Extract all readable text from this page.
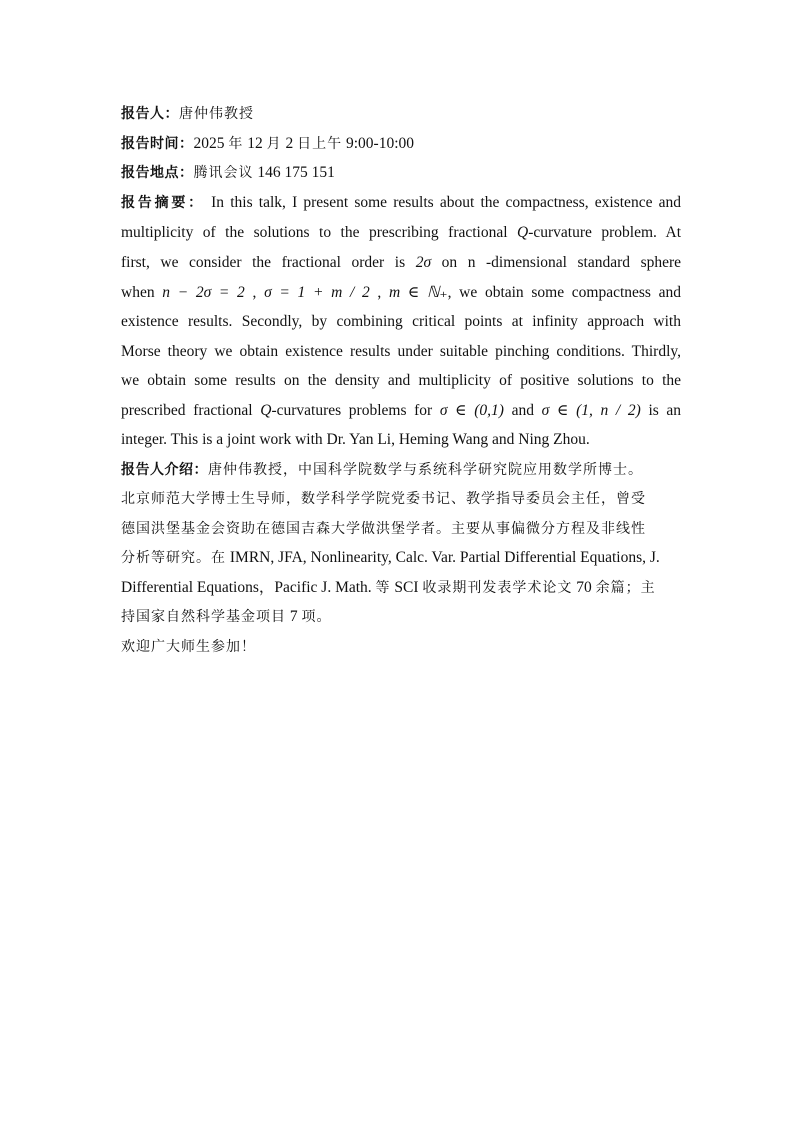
报告人：唐仲伟教授
报告时间：2025 年 12 月 2 日上午 9:00-10:00
报告地点：腾讯会议 146 175 151
报告摘要： In this talk, I present some results about the compactness, existence and
multiplicity of the solutions to the prescribing fractional Q-curvature problem. At
first, we consider the fractional order is 2σ on n -dimensional standard sphere
when n − 2σ = 2 , σ = 1 + m / 2 , m ∈ ℕ₊, we obtain some compactness and
existence results. Secondly, by combining critical points at infinity approach with
Morse theory we obtain existence results under suitable pinching conditions. Thirdly,
we obtain some results on the density and multiplicity of positive solutions to the
prescribed fractional Q-curvatures problems for σ ∈ (0,1) and σ ∈ (1, n / 2) is an
integer. This is a joint work with Dr. Yan Li, Heming Wang and Ning Zhou.
报告人介绍：唐仲伟教授，中国科学院数学与系统科学研究院应用数学所博士。
北京师范大学博士生导师，数学科学学院党委书记、教学指导委员会主任，曾受
德国洪堡基金会资助在德国吉森大学做洪堡学者。主要从事偏微分方程及非线性
分析等研究。在 IMRN, JFA, Nonlinearity, Calc. Var. Partial Differential Equations, J.
Differential Equations，Pacific J. Math. 等 SCI 收录期刊发表学术论文 70 余篇；主
持国家自然科学基金项目 7 项。
欢迎广大师生参加！
